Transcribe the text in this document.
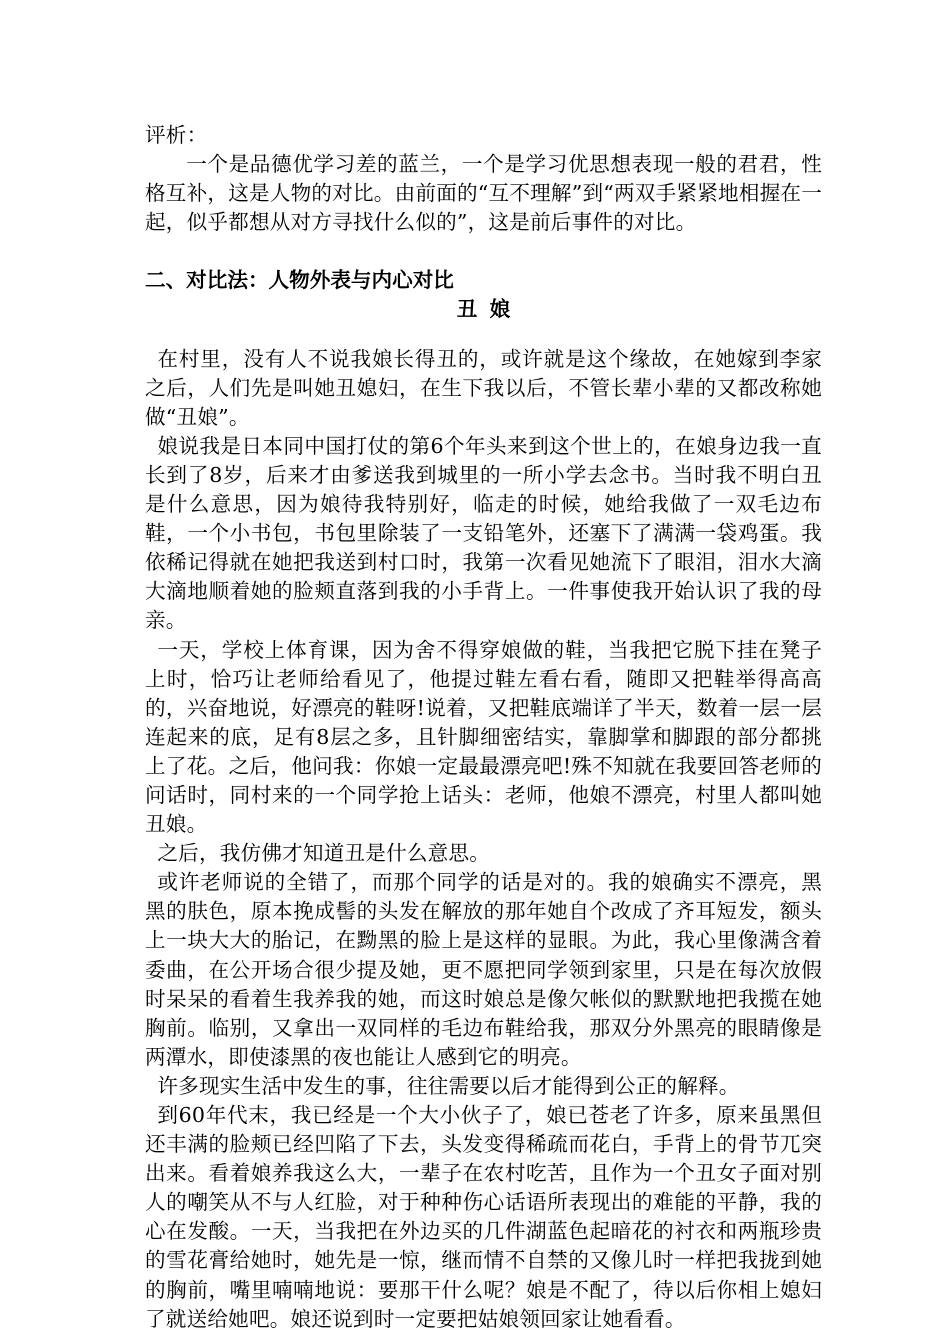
评析：

一个是品德优学习差的蓝兰，一个是学习优思想表现一般的君君，性格互补，这是人物的对比。由前面的“互不理解”到“两双手紧紧地相握在一起，似乎都想从对方寻找什么似的”，这是前后事件的对比。

二、对比法：人物外表与内心对比
丑娘

在村里，没有人不说我娘长得丑的，或许就是这个缘故，在她嫁到李家之后，人们先是叫她丑媳妇，在生下我以后，不管长辈小辈的又都改称她做“丑娘”。

娘说我是日本同中国打仗的第6个年头来到这个世上的，在娘身边我一直长到了8岁，后来才由爹送我到城里的一所小学去念书。当时我不明白丑是什么意思，因为娘待我特别好，临走的时候，她给我做了一双毛边布鞋，一个小书包，书包里除装了一支铅笔外，还塞下了满满一袋鸡蛋。我依稀记得就在她把我送到村口时，我第一次看见她流下了眼泪，泪水大滴大滴地顺着她的脸颊直落到我的小手背上。一件事使我开始认识了我的母亲。

一天，学校上体育课，因为舍不得穿娘做的鞋，当我把它脱下挂在凳子上时，恰巧让老师给看见了，他提过鞋左看右看，随即又把鞋举得高高的，兴奋地说，好漂亮的鞋呀!说着，又把鞋底端详了半天，数着一层一层连起来的底，足有8层之多，且针脚细密结实，靠脚掌和脚跟的部分都挑上了花。之后，他问我：你娘一定最最漂亮吧!殊不知就在我要回答老师的问话时，同村来的一个同学抢上话头：老师，他娘不漂亮，村里人都叫她丑娘。

之后，我仿佛才知道丑是什么意思。

或许老师说的全错了，而那个同学的话是对的。我的娘确实不漂亮，黑黑的肤色，原本挽成髻的头发在解放的那年她自个改成了齐耳短发，额头上一块大大的胎记，在黝黑的脸上是这样的显眼。为此，我心里像满含着委曲，在公开场合很少提及她，更不愿把同学领到家里，只是在每次放假时呆呆的看着生我养我的她，而这时娘总是像欠帐似的默默地把我揽在她胸前。临别，又拿出一双同样的毛边布鞋给我，那双分外黑亮的眼睛像是两潭水，即使漆黑的夜也能让人感到它的明亮。

许多现实生活中发生的事，往往需要以后才能得到公正的解释。

到60年代末，我已经是一个大小伙子了，娘已苍老了许多，原来虽黑但还丰满的脸颊已经凹陷了下去，头发变得稀疏而花白，手背上的骨节兀突出来。看着娘养我这么大，一辈子在农村吃苦，且作为一个丑女子面对别人的嘲笑从不与人红脸，对于种种伤心话语所表现出的难能的平静，我的心在发酸。一天，当我把在外边买的几件湖蓝色起暗花的衬衣和两瓶珍贵的雪花膏给她时，她先是一惊，继而情不自禁的又像儿时一样把我拢到她的胸前，嘴里喃喃地说：要那干什么呢？娘是不配了，待以后你相上媳妇了就送给她吧。娘还说到时一定要把姑娘领回家让她看看。
